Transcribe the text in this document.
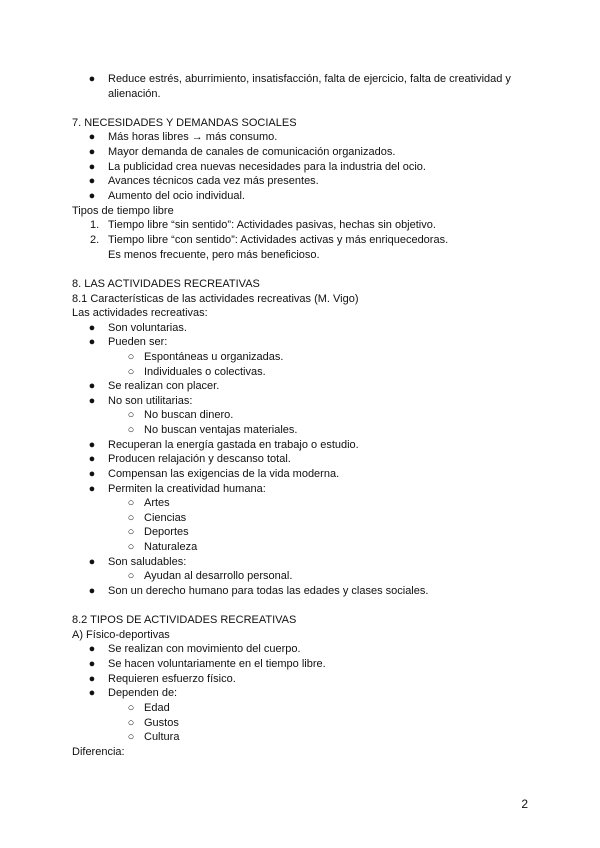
● Reduce estrés, aburrimiento, insatisfacción, falta de ejercicio, falta de creatividad y
alienación.
7. NECESIDADES Y DEMANDAS SOCIALES
● Más horas libres → más consumo.
● Mayor demanda de canales de comunicación organizados.
● La publicidad crea nuevas necesidades para la industria del ocio.
● Avances técnicos cada vez más presentes.
● Aumento del ocio individual.
Tipos de tiempo libre
1. Tiempo libre “sin sentido”: Actividades pasivas, hechas sin objetivo.
2. Tiempo libre “con sentido”: Actividades activas y más enriquecedoras.
Es menos frecuente, pero más beneficioso.
8. LAS ACTIVIDADES RECREATIVAS
8.1 Características de las actividades recreativas (M. Vigo)
Las actividades recreativas:
● Son voluntarias.
● Pueden ser:
○ Espontáneas u organizadas.
○ Individuales o colectivas.
● Se realizan con placer.
● No son utilitarias:
○ No buscan dinero.
○ No buscan ventajas materiales.
● Recuperan la energía gastada en trabajo o estudio.
● Producen relajación y descanso total.
● Compensan las exigencias de la vida moderna.
● Permiten la creatividad humana:
○ Artes
○ Ciencias
○ Deportes
○ Naturaleza
● Son saludables:
○ Ayudan al desarrollo personal.
● Son un derecho humano para todas las edades y clases sociales.
8.2 TIPOS DE ACTIVIDADES RECREATIVAS
A) Físico-deportivas
● Se realizan con movimiento del cuerpo.
● Se hacen voluntariamente en el tiempo libre.
● Requieren esfuerzo físico.
● Dependen de:
○ Edad
○ Gustos
○ Cultura
Diferencia:
2
